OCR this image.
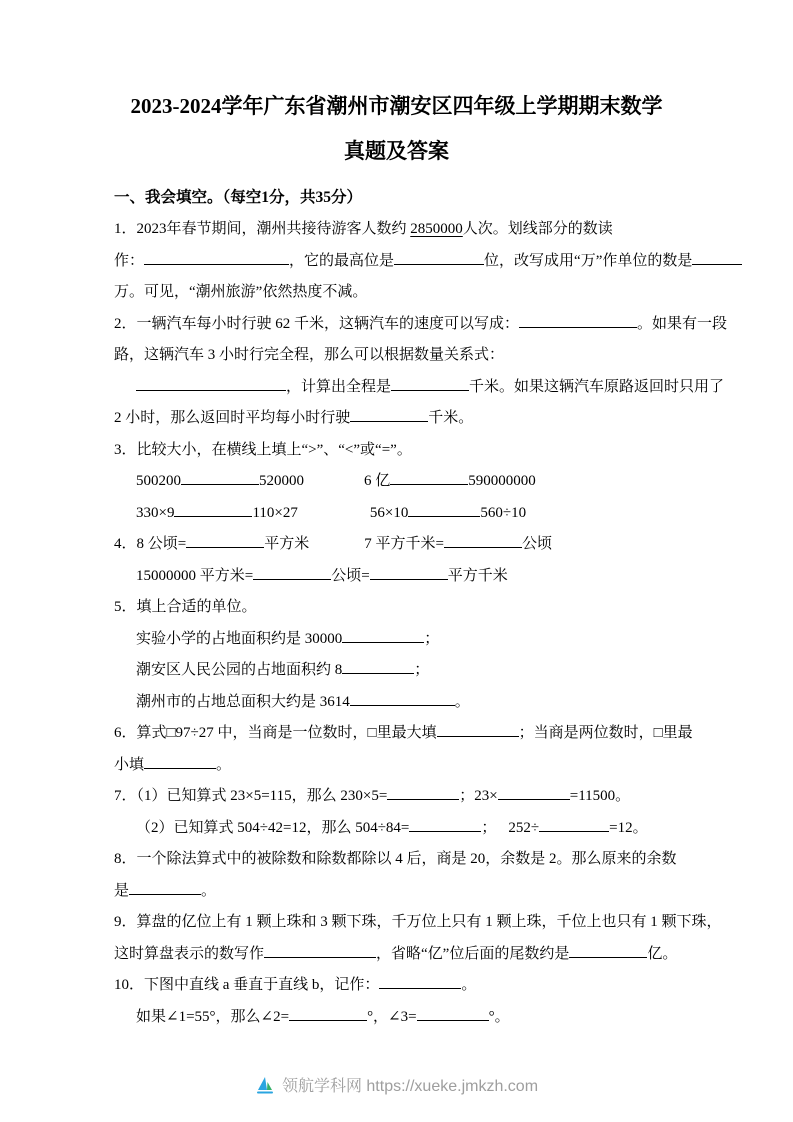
2023-2024学年广东省潮州市潮安区四年级上学期期末数学
真题及答案
一、我会填空。（每空1分，共35分）
1．2023年春节期间，潮州共接待游客人数约 2850000人次。划线部分的数读
作：	，它的最高位是	位，改写成用“万”作单位的数是
万。可见，“潮州旅游”依然热度不减。
2．一辆汽车每小时行驶 62 千米，这辆汽车的速度可以写成：	。如果有一段
路，这辆汽车 3 小时行完全程，那么可以根据数量关系式：
，计算出全程是	千米。如果这辆汽车原路返回时只用了
2 小时，那么返回时平均每小时行驶	千米。
3．比较大小，在横线上填上“>”、“<”或“=”。
500200	520000	6 亿	590000000
330×9	110×27	56×10	560÷10
4．8 公顷=	平方米	7 平方千米=	公顷
15000000 平方米=	公顷=	平方千米
5．填上合适的单位。
实验小学的占地面积约是 30000	；
潮安区人民公园的占地面积约 8	；
潮州市的占地总面积大约是 3614	。
6．算式□97÷27 中，当商是一位数时，□里最大填	；当商是两位数时，□里最
小填	。
7．（1）已知算式 23×5=115，那么 230×5=	；23×	=11500。
（2）已知算式 504÷42=12，那么 504÷84=	； 252÷	=12。
8．一个除法算式中的被除数和除数都除以 4 后，商是 20，余数是 2。那么原来的余数
是	。
9．算盘的亿位上有 1 颗上珠和 3 颗下珠，千万位上只有 1 颗上珠，千位上也只有 1 颗下珠，
这时算盘表示的数写作	，省略“亿”位后面的尾数约是	亿。
10．下图中直线 a 垂直于直线 b，记作：	。
如果∠1=55°，那么∠2=	°，∠3=	°。
领航学科网 https://xueke.jmkzh.com
